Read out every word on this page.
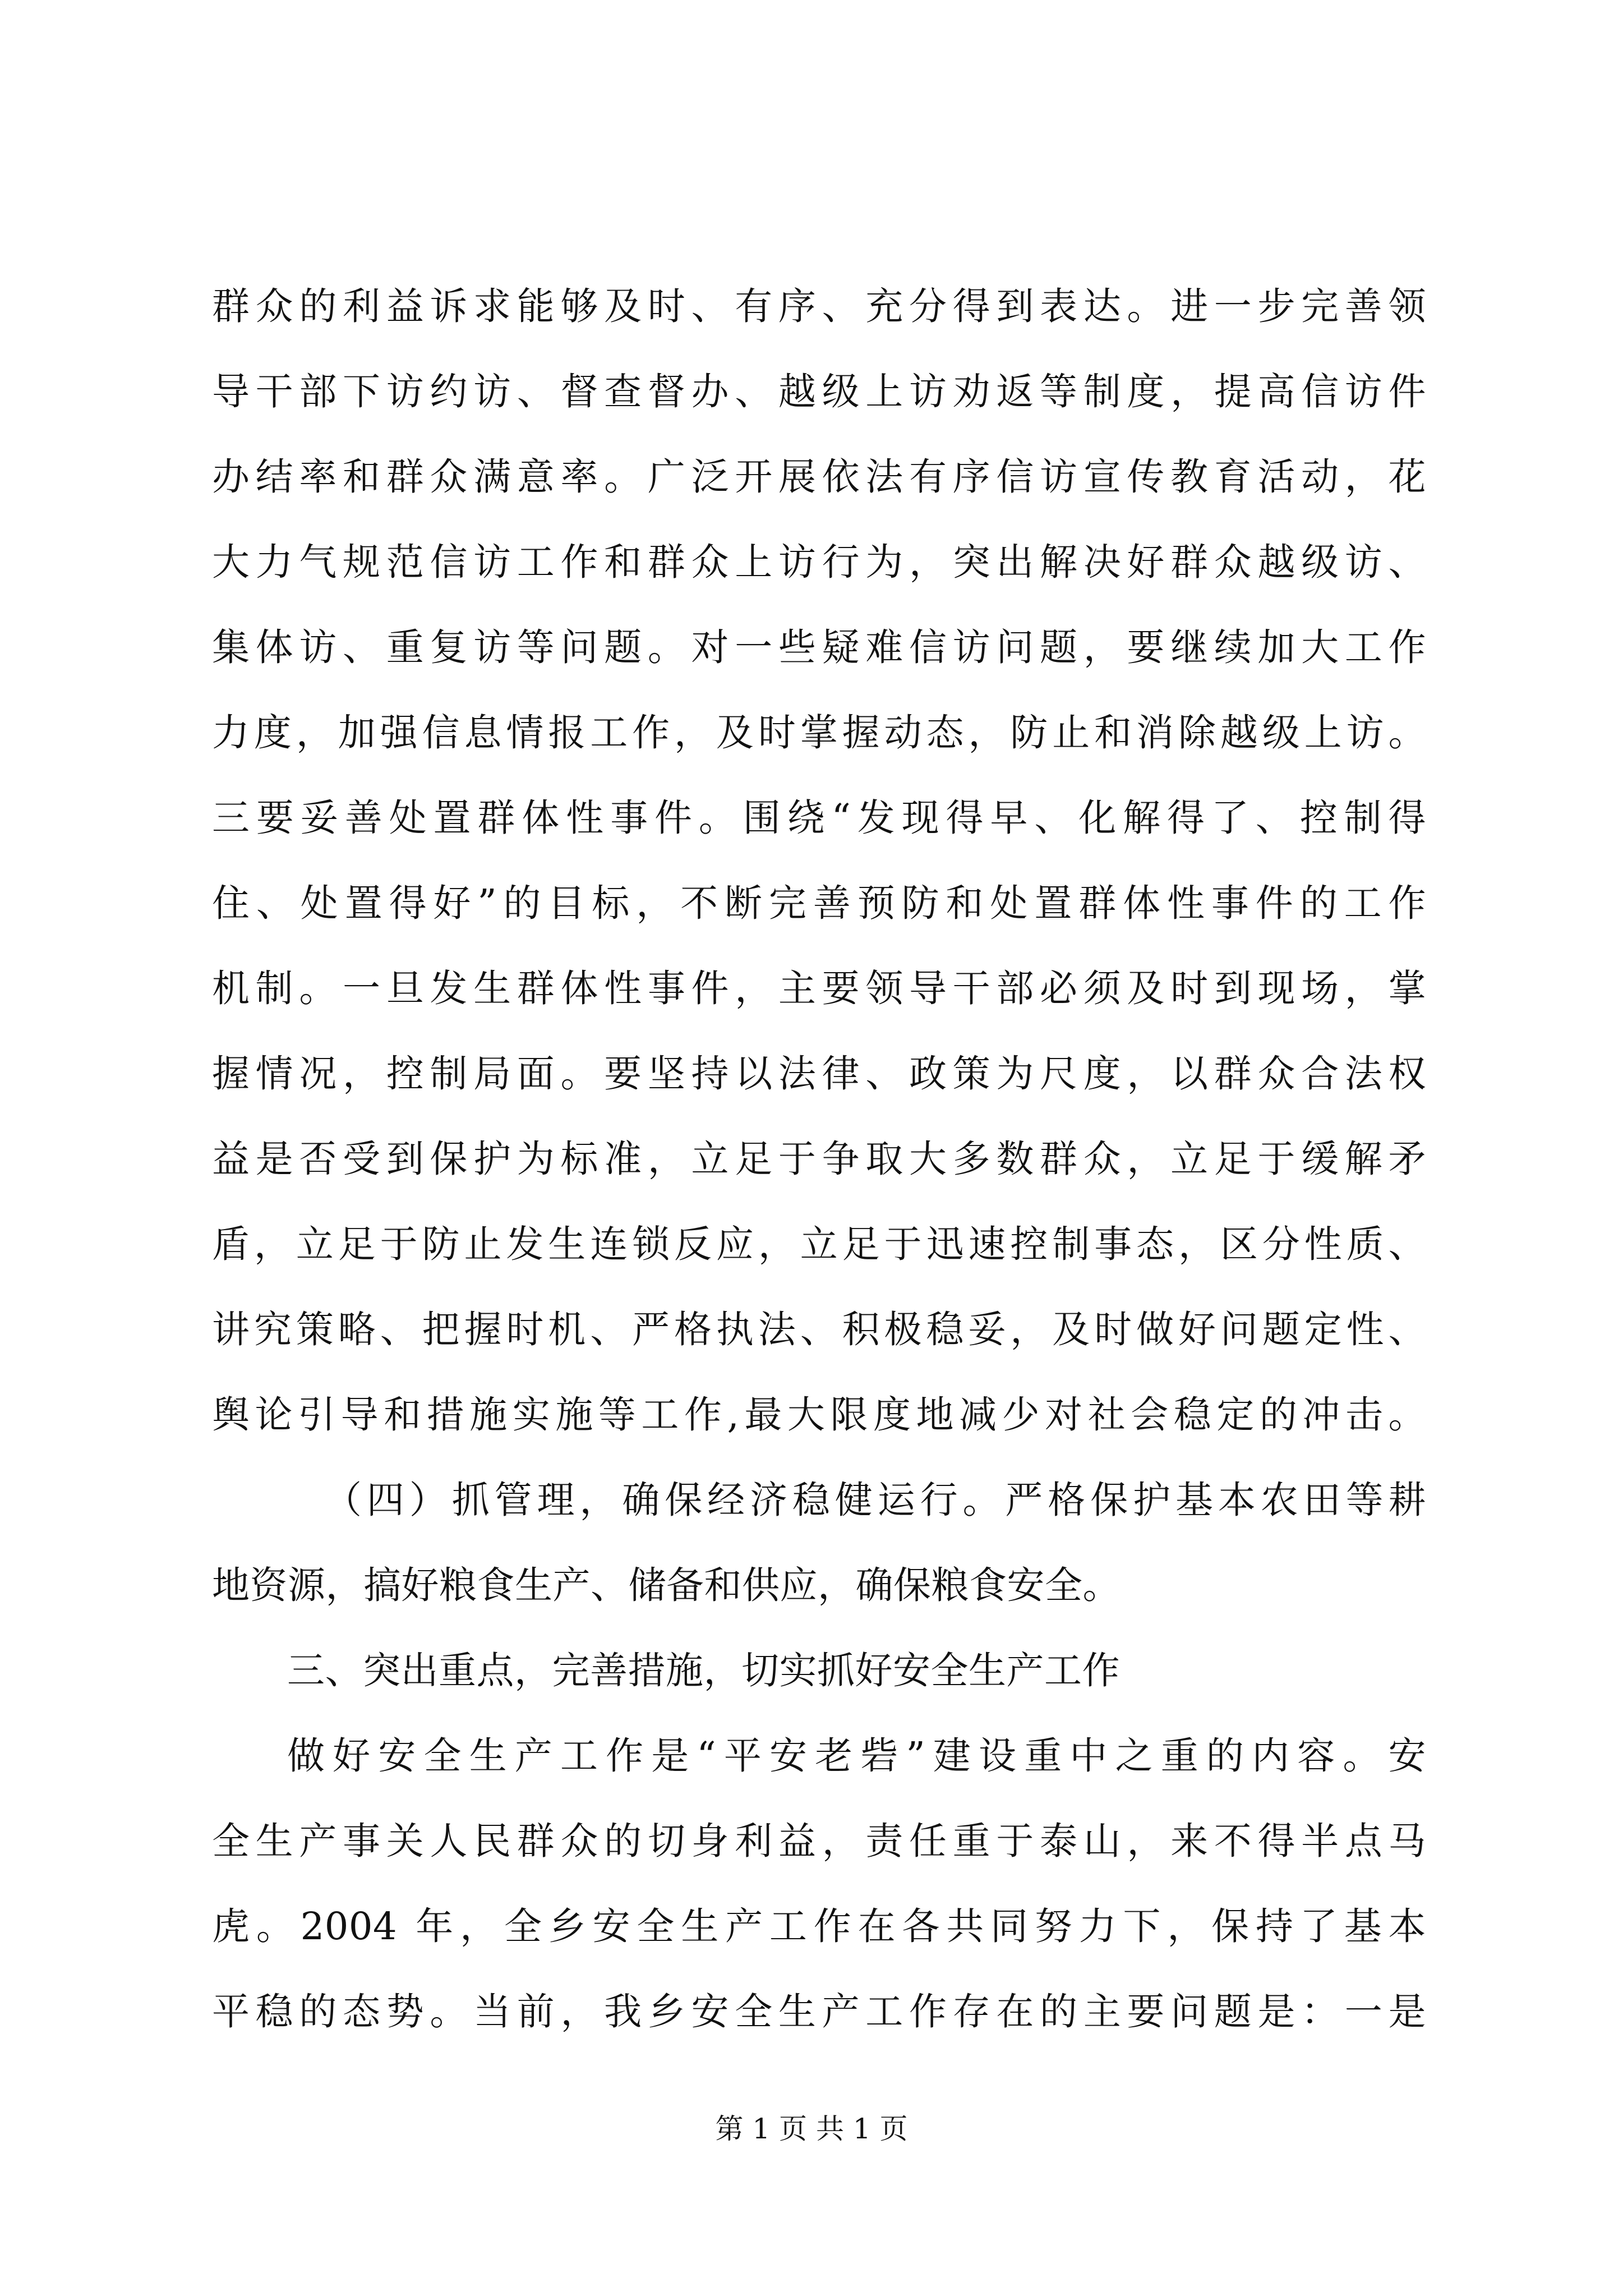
群众的利益诉求能够及时、有序、充分得到表达。进一步完善领
导干部下访约访、督查督办、越级上访劝返等制度，提高信访件
办结率和群众满意率。广泛开展依法有序信访宣传教育活动，花
大力气规范信访工作和群众上访行为，突出解决好群众越级访、
集体访、重复访等问题。对一些疑难信访问题，要继续加大工作
力度，加强信息情报工作，及时掌握动态，防止和消除越级上访。
三要妥善处置群体性事件。围绕“发现得早、化解得了、控制得
住、处置得好”的目标，不断完善预防和处置群体性事件的工作
机制。一旦发生群体性事件，主要领导干部必须及时到现场，掌
握情况，控制局面。要坚持以法律、政策为尺度，以群众合法权
益是否受到保护为标准，立足于争取大多数群众，立足于缓解矛
盾，立足于防止发生连锁反应，立足于迅速控制事态，区分性质、
讲究策略、把握时机、严格执法、积极稳妥，及时做好问题定性、
舆论引导和措施实施等工作,最大限度地减少对社会稳定的冲击。
（四）抓管理，确保经济稳健运行。严格保护基本农田等耕
地资源，搞好粮食生产、储备和供应，确保粮食安全。
三、突出重点，完善措施，切实抓好安全生产工作
做好安全生产工作是“平安老砦”建设重中之重的内容。安
全生产事关人民群众的切身利益，责任重于泰山，来不得半点马
虎。2004 年，全乡安全生产工作在各共同努力下，保持了基本
平稳的态势。当前，我乡安全生产工作存在的主要问题是：一是
第 1 页 共 1 页
